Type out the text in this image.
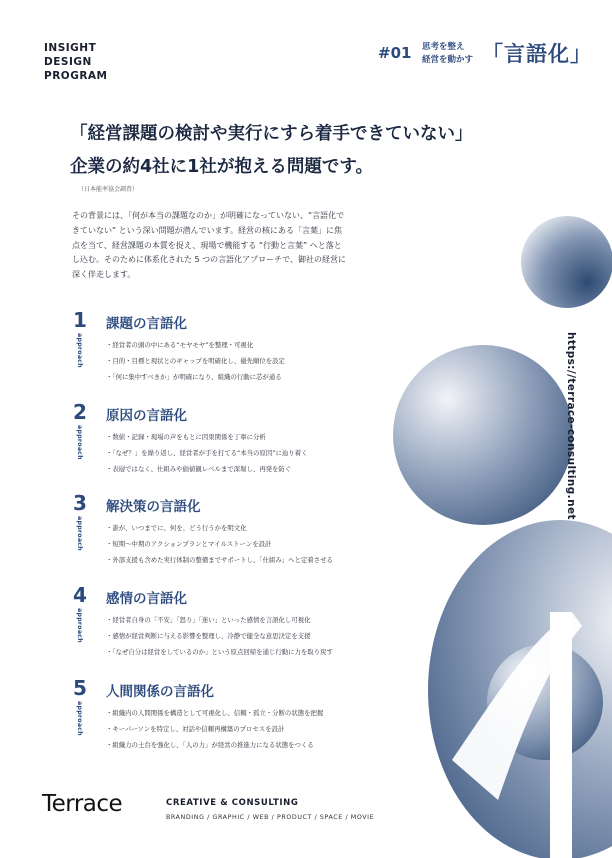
INSIGHT
DESIGN
PROGRAM
#01 思考を整え
経営を動かす 「言語化」
「経営課題の検討や実行にすら着手できていない」
企業の約4社に1社が抱える問題です。
（日本能率協会調査）

その背景には、「何が本当の課題なのか」が明確になっていない、“言語化で

きていない” という深い問題が潜んでいます。経営の核にある「言葉」に焦

点を当て、経営課題の本質を捉え、現場で機能する “行動と言葉” へと落と

し込む。そのために体系化された 5 つの言語化アプローチで、御社の経営に

深く伴走します。

1
approach
課題の言語化
・経営者の頭の中にある“モヤモヤ”を整理・可視化
・目的・目標と現状とのギャップを明確化し、優先順位を設定
・「何に集中すべきか」が明確になり、組織の行動に芯が通る
2
approach
原因の言語化
・数値・記録・現場の声をもとに因果関係を丁寧に分析
・「なぜ？」を繰り返し、経営者が手を打てる“本当の原因”に辿り着く
・表層ではなく、仕組みや価値観レベルまで深堀し、再発を防ぐ
3
approach
解決策の言語化
・誰が、いつまでに、何を、どう行うかを明文化
・短期〜中期のアクションプランとマイルストーンを設計
・外部支援も含めた実行体制の整備までサポートし、「仕組み」へと定着させる
4
approach
感情の言語化
・経営者自身の「不安」「怒り」「迷い」といった感情を言語化し可視化
・感情が経営判断に与える影響を整理し、冷静で健全な意思決定を支援
・「なぜ自分は経営をしているのか」という原点回帰を通じ行動に力を取り戻す
5
approach
人間関係の言語化
・組織内の人間関係を構造として可視化し、信頼・孤立・分断の状態を把握
・キーパーソンを特定し、対話や信頼再構築のプロセスを設計
・組織力の土台を強化し、「人の力」が経営の推進力になる状態をつくる
https://terrace-consulting.net
Terrace	CREATIVE & CONSULTING
BRANDING / GRAPHIC / WEB / PRODUCT / SPACE / MOVIE
